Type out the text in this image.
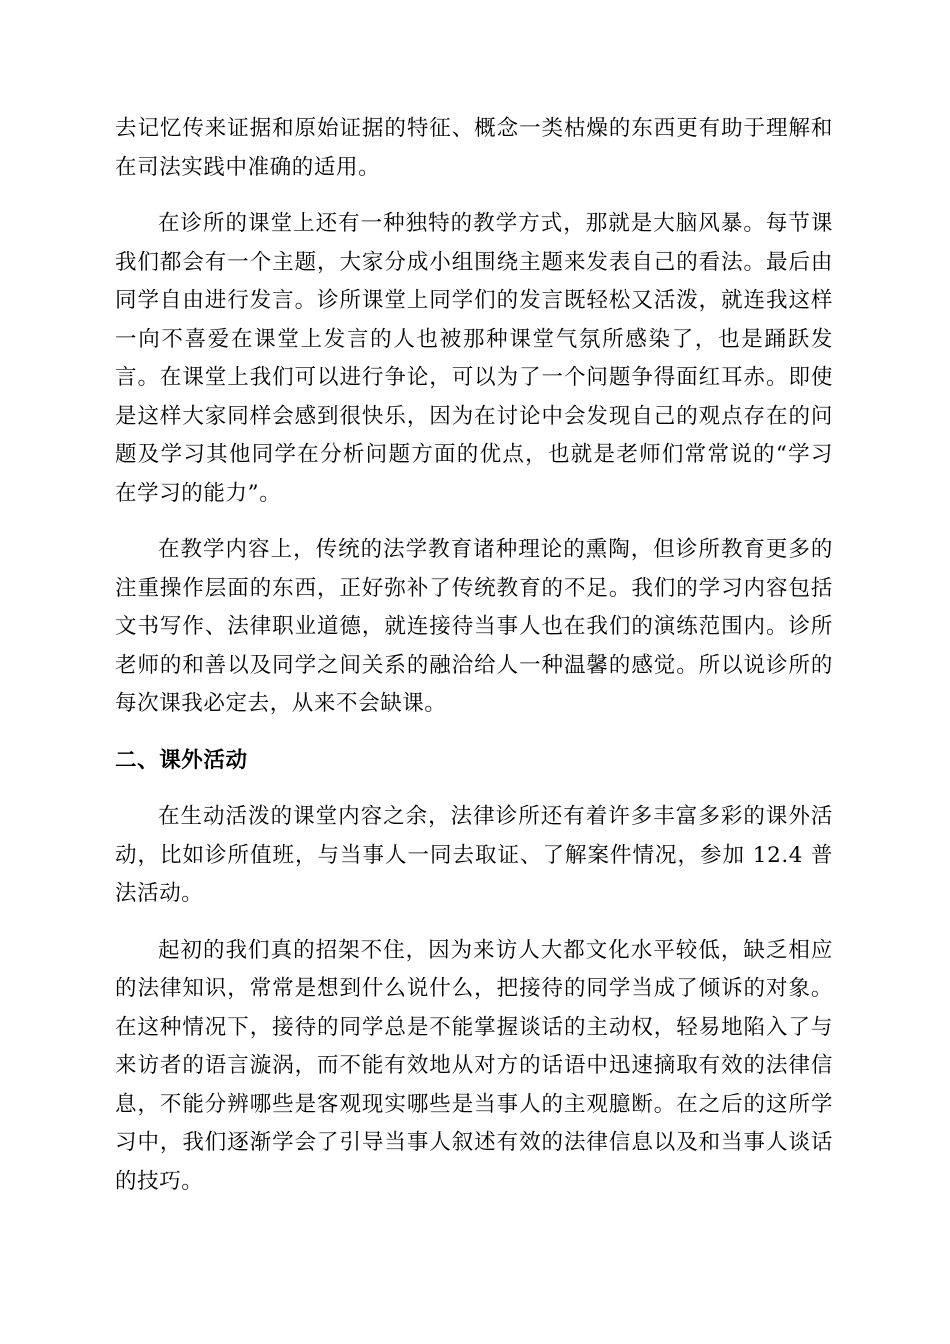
去记忆传来证据和原始证据的特征、概念一类枯燥的东西更有助于理解和在司法实践中准确的适用。

在诊所的课堂上还有一种独特的教学方式，那就是大脑风暴。每节课我们都会有一个主题，大家分成小组围绕主题来发表自己的看法。最后由同学自由进行发言。诊所课堂上同学们的发言既轻松又活泼，就连我这样一向不喜爱在课堂上发言的人也被那种课堂气氛所感染了，也是踊跃发言。在课堂上我们可以进行争论，可以为了一个问题争得面红耳赤。即使是这样大家同样会感到很快乐，因为在讨论中会发现自己的观点存在的问题及学习其他同学在分析问题方面的优点，也就是老师们常常说的“学习在学习的能力”。

在教学内容上，传统的法学教育诸种理论的熏陶，但诊所教育更多的注重操作层面的东西，正好弥补了传统教育的不足。我们的学习内容包括文书写作、法律职业道德，就连接待当事人也在我们的演练范围内。诊所老师的和善以及同学之间关系的融洽给人一种温馨的感觉。所以说诊所的每次课我必定去，从来不会缺课。

二、课外活动

在生动活泼的课堂内容之余，法律诊所还有着许多丰富多彩的课外活动，比如诊所值班，与当事人一同去取证、了解案件情况，参加 12.4 普法活动。

起初的我们真的招架不住，因为来访人大都文化水平较低，缺乏相应的法律知识，常常是想到什么说什么，把接待的同学当成了倾诉的对象。在这种情况下，接待的同学总是不能掌握谈话的主动权，轻易地陷入了与来访者的语言漩涡，而不能有效地从对方的话语中迅速摘取有效的法律信息，不能分辨哪些是客观现实哪些是当事人的主观臆断。在之后的这所学习中，我们逐渐学会了引导当事人叙述有效的法律信息以及和当事人谈话的技巧。
